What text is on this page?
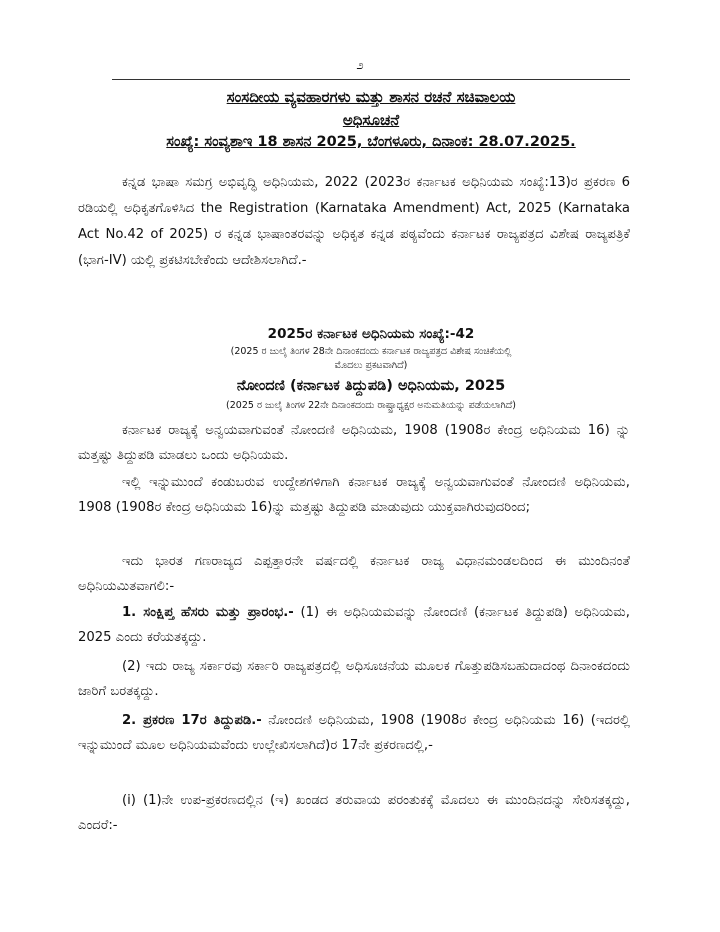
೨
ಸಂಸದೀಯ ವ್ಯವಹಾರಗಳು ಮತ್ತು ಶಾಸನ ರಚನೆ ಸಚಿವಾಲಯ
ಅಧಿಸೂಚನೆ
ಸಂಖ್ಯೆ: ಸಂವ್ಯಶಾಇ 18 ಶಾಸನ 2025, ಬೆಂಗಳೂರು, ದಿನಾಂಕ: 28.07.2025.
ಕನ್ನಡ ಭಾಷಾ ಸಮಗ್ರ ಅಭಿವೃದ್ಧಿ ಅಧಿನಿಯಮ, 2022 (2023ರ ಕರ್ನಾಟಕ ಅಧಿನಿಯಮ ಸಂಖ್ಯೆ:13)ರ ಪ್ರಕರಣ 6 ರಡಿಯಲ್ಲಿ ಅಧಿಕೃತಗೊಳಿಸಿದ the Registration (Karnataka Amendment) Act, 2025 (Karnataka Act No.42 of 2025) ರ ಕನ್ನಡ ಭಾಷಾಂತರವನ್ನು ಅಧಿಕೃತ ಕನ್ನಡ ಪಠ್ಯವೆಂದು ಕರ್ನಾಟಕ ರಾಜ್ಯಪತ್ರದ ವಿಶೇಷ ರಾಜ್ಯಪತ್ರಿಕೆ (ಭಾಗ-IV) ಯಲ್ಲಿ ಪ್ರಕಟಿಸಬೇಕೆಂದು ಆದೇಶಿಸಲಾಗಿದೆ.-
2025ರ ಕರ್ನಾಟಕ ಅಧಿನಿಯಮ ಸಂಖ್ಯೆ:-42
(2025 ರ ಜುಲೈ ತಿಂಗಳ 28ನೇ ದಿನಾಂಕದಂದು ಕರ್ನಾಟಕ ರಾಜ್ಯಪತ್ರದ ವಿಶೇಷ ಸಂಚಿಕೆಯಲ್ಲಿ
ಮೊದಲು ಪ್ರಕಟವಾಗಿದೆ)
ನೋಂದಣಿ (ಕರ್ನಾಟಕ ತಿದ್ದುಪಡಿ) ಅಧಿನಿಯಮ, 2025
(2025 ರ ಜುಲೈ ತಿಂಗಳ 22ನೇ ದಿನಾಂಕದಂದು ರಾಷ್ಟ್ರಾಧ್ಯಕ್ಷರ ಅನುಮತಿಯನ್ನು ಪಡೆಯಲಾಗಿದೆ)
ಕರ್ನಾಟಕ ರಾಜ್ಯಕ್ಕೆ ಅನ್ವಯವಾಗುವಂತೆ ನೋಂದಣಿ ಅಧಿನಿಯಮ, 1908 (1908ರ ಕೇಂದ್ರ ಅಧಿನಿಯಮ 16) ನ್ನು ಮತ್ತಷ್ಟು ತಿದ್ದುಪಡಿ ಮಾಡಲು ಒಂದು ಅಧಿನಿಯಮ.
ಇಲ್ಲಿ ಇನ್ನುಮುಂದೆ ಕಂಡುಬರುವ ಉದ್ದೇಶಗಳಿಗಾಗಿ ಕರ್ನಾಟಕ ರಾಜ್ಯಕ್ಕೆ ಅನ್ವಯವಾಗುವಂತೆ ನೋಂದಣಿ ಅಧಿನಿಯಮ, 1908 (1908ರ ಕೇಂದ್ರ ಅಧಿನಿಯಮ 16)ನ್ನು ಮತ್ತಷ್ಟು ತಿದ್ದುಪಡಿ ಮಾಡುವುದು ಯುಕ್ತವಾಗಿರುವುದರಿಂದ;
ಇದು ಭಾರತ ಗಣರಾಜ್ಯದ ಎಪ್ಪತ್ತಾರನೇ ವರ್ಷದಲ್ಲಿ ಕರ್ನಾಟಕ ರಾಜ್ಯ ವಿಧಾನಮಂಡಲದಿಂದ ಈ ಮುಂದಿನಂತೆ ಅಧಿನಿಯಮಿತವಾಗಲಿ:-
1. ಸಂಕ್ಷಿಪ್ತ ಹೆಸರು ಮತ್ತು ಪ್ರಾರಂಭ.- (1) ಈ ಅಧಿನಿಯಮವನ್ನು ನೋಂದಣಿ (ಕರ್ನಾಟಕ ತಿದ್ದುಪಡಿ) ಅಧಿನಿಯಮ, 2025 ಎಂದು ಕರೆಯತಕ್ಕದ್ದು.
(2) ಇದು ರಾಜ್ಯ ಸರ್ಕಾರವು ಸರ್ಕಾರಿ ರಾಜ್ಯಪತ್ರದಲ್ಲಿ ಅಧಿಸೂಚನೆಯ ಮೂಲಕ ಗೊತ್ತುಪಡಿಸಬಹುದಾದಂಥ ದಿನಾಂಕದಂದು ಜಾರಿಗೆ ಬರತಕ್ಕದ್ದು.
2. ಪ್ರಕರಣ 17ರ ತಿದ್ದುಪಡಿ.- ನೋಂದಣಿ ಅಧಿನಿಯಮ, 1908 (1908ರ ಕೇಂದ್ರ ಅಧಿನಿಯಮ 16) (ಇದರಲ್ಲಿ ಇನ್ನುಮುಂದೆ ಮೂಲ ಅಧಿನಿಯಮವೆಂದು ಉಲ್ಲೇಖಿಸಲಾಗಿದೆ)ರ 17ನೇ ಪ್ರಕರಣದಲ್ಲಿ,-
(i) (1)ನೇ ಉಪ-ಪ್ರಕರಣದಲ್ಲಿನ (ಇ) ಖಂಡದ ತರುವಾಯ ಪರಂತುಕಕ್ಕೆ ಮೊದಲು ಈ ಮುಂದಿನದನ್ನು ಸೇರಿಸತಕ್ಕದ್ದು, ಎಂದರೆ:-
